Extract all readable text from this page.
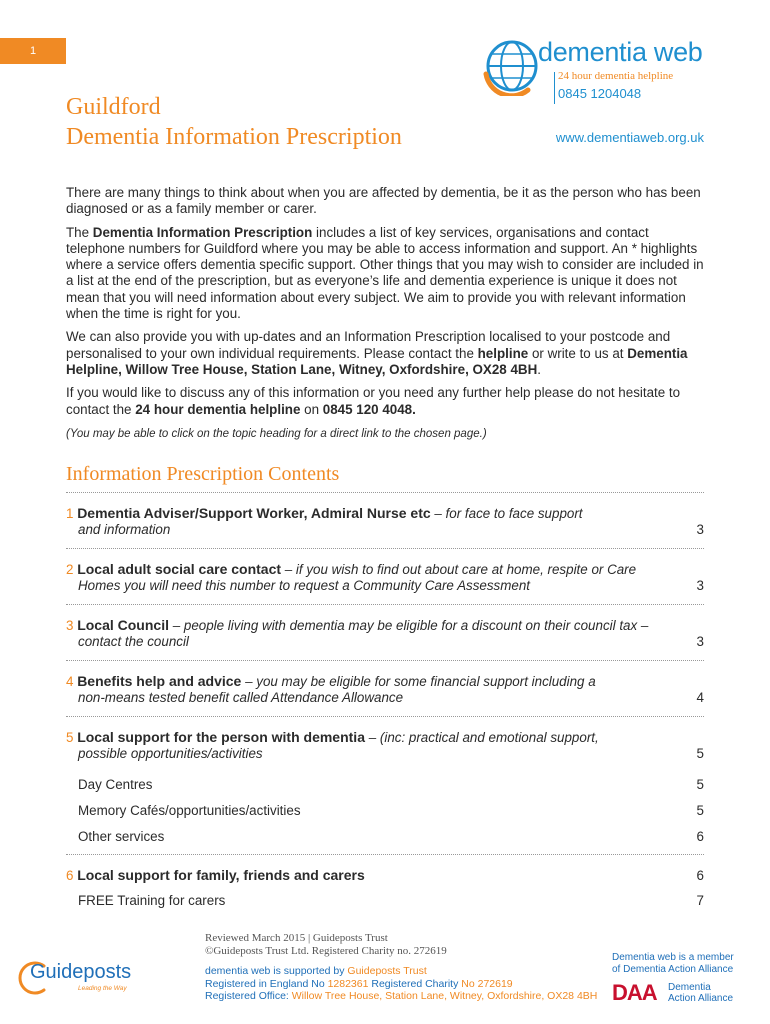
1	dementia web
24 hour dementia helpline
0845 1204048
Guildford
Dementia Information Prescription	www.dementiaweb.org.uk

There are many things to think about when you are affected by dementia, be it as the person who has been diagnosed or as a family member or carer.

The Dementia Information Prescription includes a list of key services, organisations and contact telephone numbers for Guildford where you may be able to access information and support. An * highlights where a service offers dementia specific support. Other things that you may wish to consider are included in a list at the end of the prescription, but as everyone’s life and dementia experience is unique it does not mean that you will need information about every subject. We aim to provide you with relevant information when the time is right for you.

We can also provide you with up-dates and an Information Prescription localised to your postcode and personalised to your own individual requirements. Please contact the helpline or write to us at Dementia Helpline, Willow Tree House, Station Lane, Witney, Oxfordshire, OX28 4BH.

If you would like to discuss any of this information or you need any further help please do not hesitate to contact the 24 hour dementia helpline on 0845 120 4048.

(You may be able to click on the topic heading for a direct link to the chosen page.)

Information Prescription Contents
1 Dementia Adviser/Support Worker, Admiral Nurse etc – for face to face support
and information	3
2 Local adult social care contact – if you wish to find out about care at home, respite or Care
Homes you will need this number to request a Community Care Assessment	3
3 Local Council – people living with dementia may be eligible for a discount on their council tax –
contact the council	3
4 Benefits help and advice – you may be eligible for some financial support including a
non-means tested benefit called Attendance Allowance	4
5 Local support for the person with dementia – (inc: practical and emotional support,
possible opportunities/activities	5
Day Centres	5
Memory Cafés/opportunities/activities	5
Other services	6
6 Local support for family, friends and carers	6
FREE Training for carers	7
Guideposts
Leading the Way
Reviewed March 2015 | Guideposts Trust
©Guideposts Trust Ltd. Registered Charity no. 272619
dementia web is supported by Guideposts Trust
Registered in England No 1282361 Registered Charity No 272619
Registered Office: Willow Tree House, Station Lane, Witney, Oxfordshire, OX28 4BH
Dementia web is a member
of Dementia Action Alliance
DAA Dementia
Action Alliance
